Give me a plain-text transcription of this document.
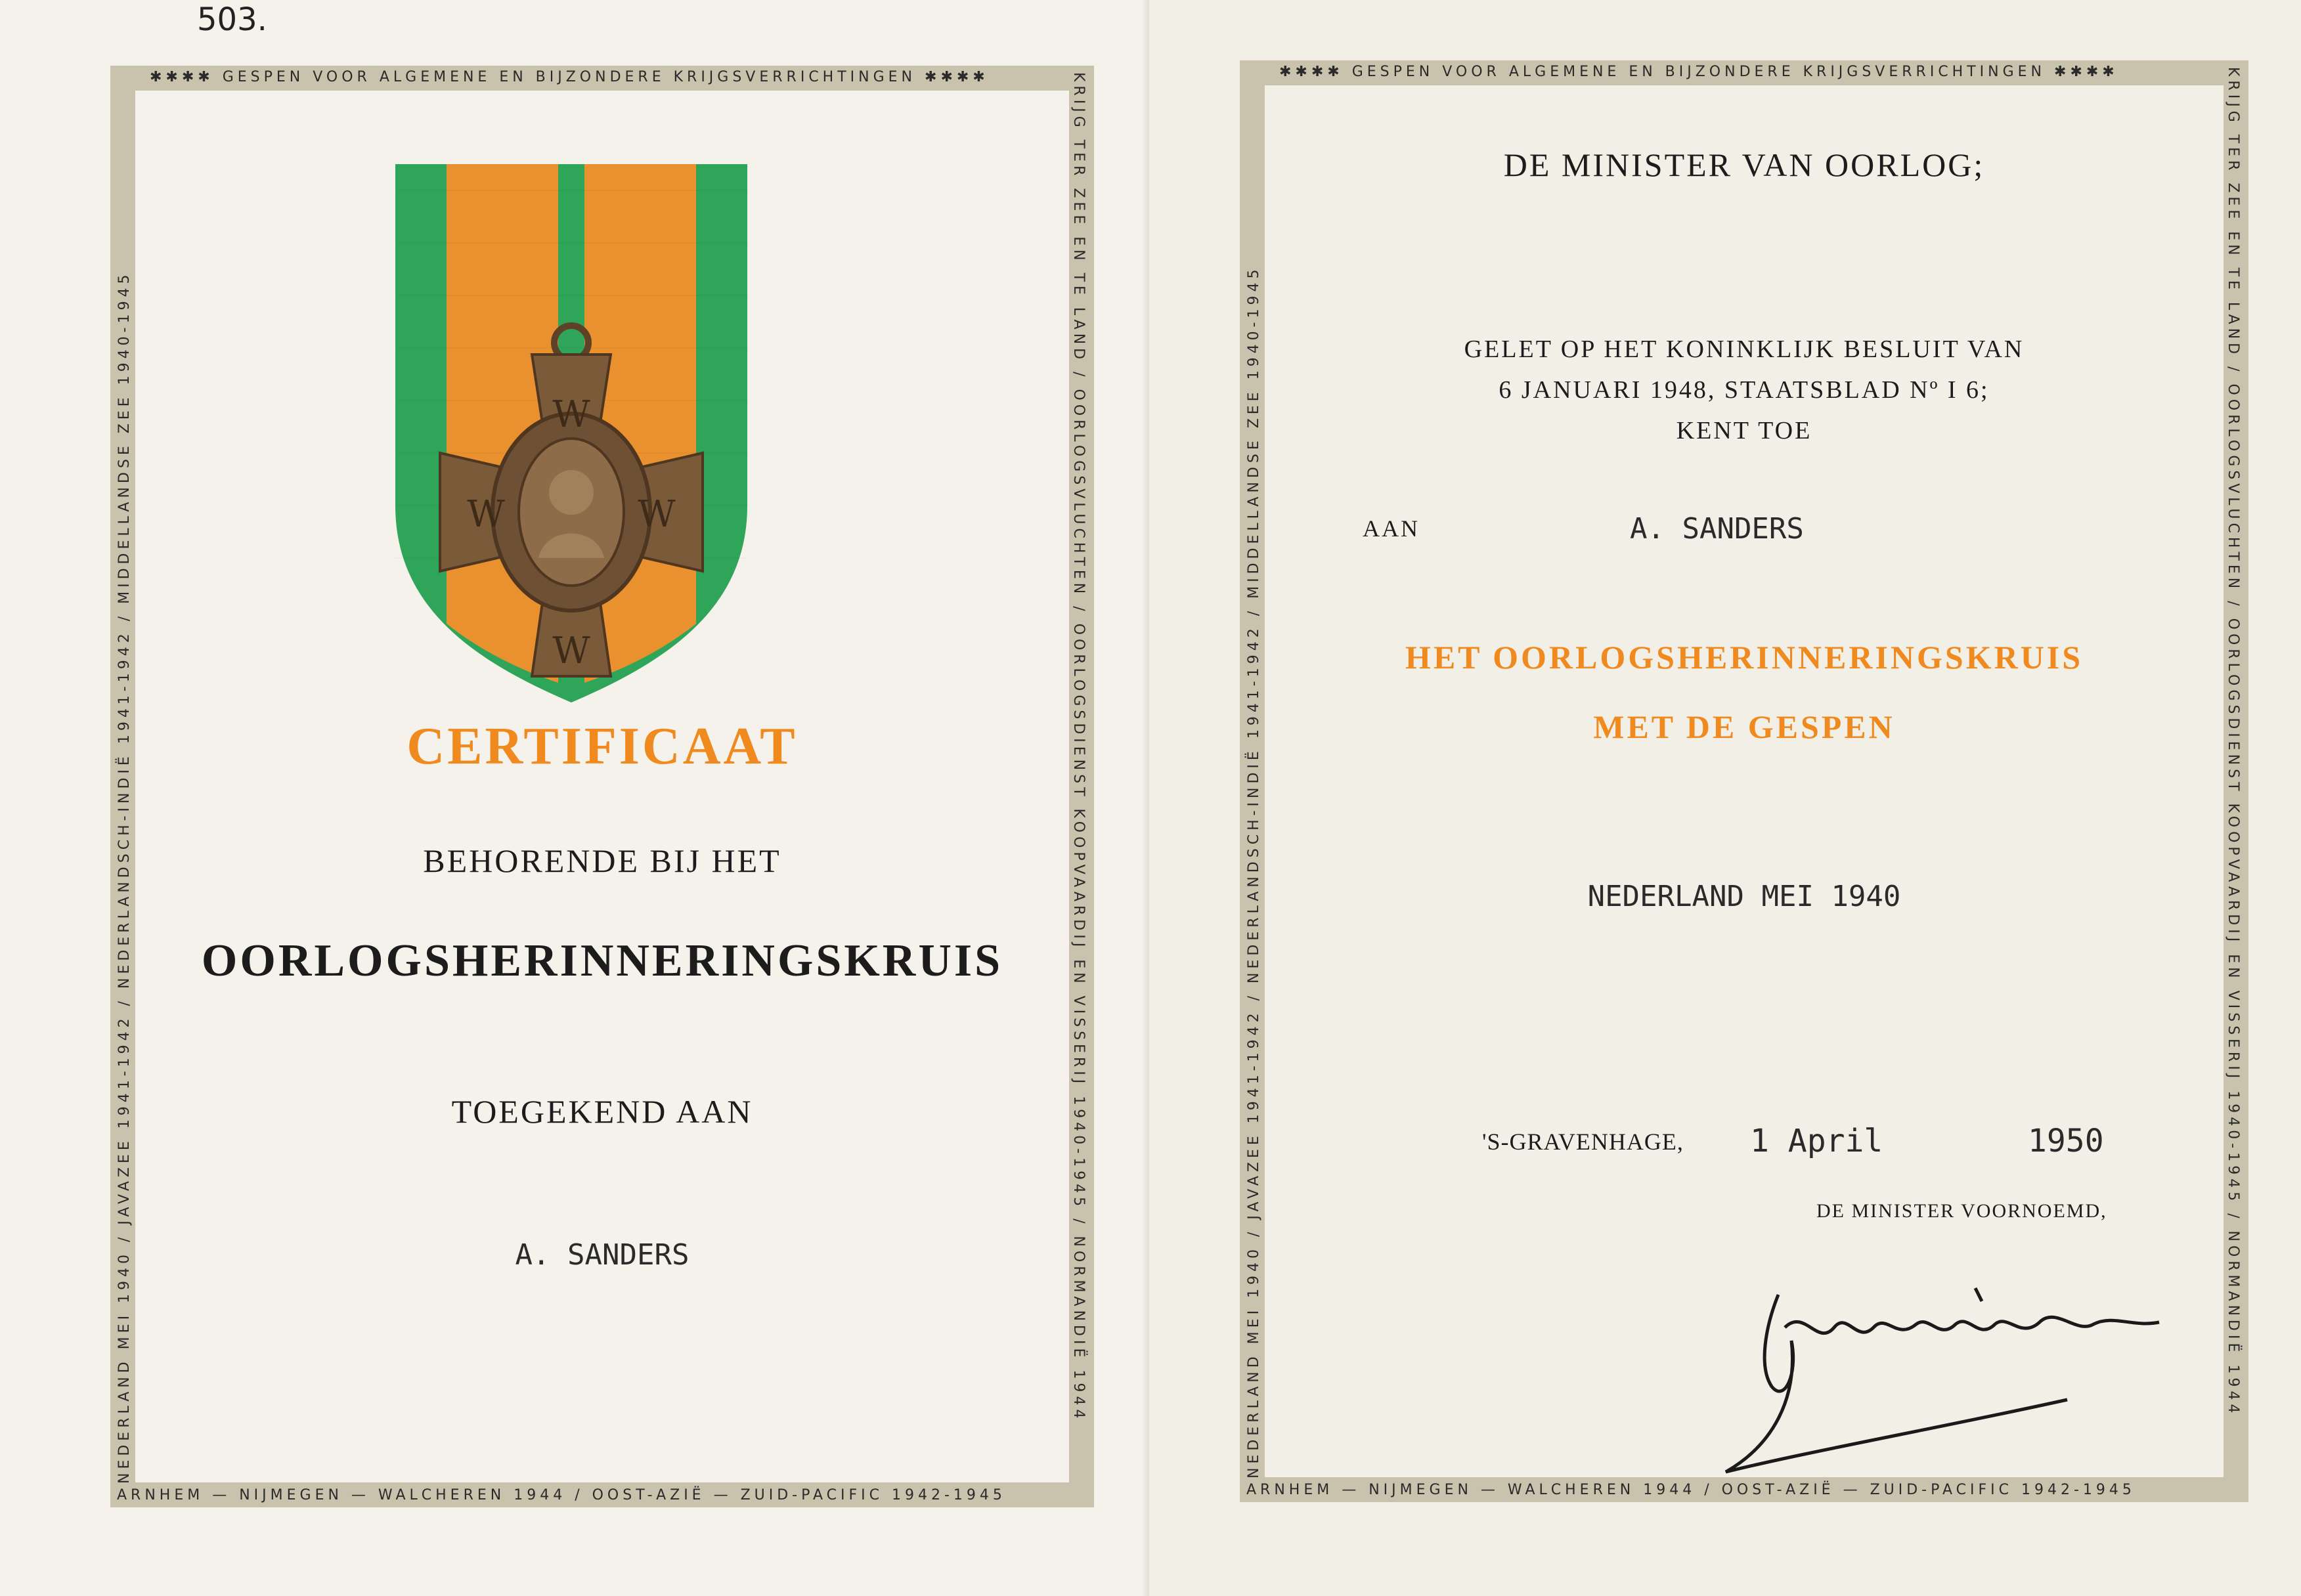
503.
✱✱✱✱ GESPEN VOOR ALGEMENE EN BIJZONDERE KRIJGSVERRICHTINGEN ✱✱✱✱	KRIJG TER ZEE EN TE LAND / OORLOGSVLUCHTEN / OORLOGSDIENST KOOPVAARDIJ EN VISSERIJ 1940-1945 / NORMANDIË 1944
ARNHEM — NIJMEGEN — WALCHEREN 1944 / OOST-AZIË — ZUID-PACIFIC 1942-1945
NEDERLAND MEI 1940 / JAVAZEE 1941-1942 / NEDERLANDSCH-INDIË 1941-1942 / MIDDELLANDSE ZEE 1940-1945	W
W
W	W
CERTIFICAAT
BEHORENDE BIJ HET
OORLOGSHERINNERINGSKRUIS
TOEGEKEND AAN
A. SANDERS
✱✱✱✱ GESPEN VOOR ALGEMENE EN BIJZONDERE KRIJGSVERRICHTINGEN ✱✱✱✱	KRIJG TER ZEE EN TE LAND / OORLOGSVLUCHTEN / OORLOGSDIENST KOOPVAARDIJ EN VISSERIJ 1940-1945 / NORMANDIË 1944
ARNHEM — NIJMEGEN — WALCHEREN 1944 / OOST-AZIË — ZUID-PACIFIC 1942-1945
NEDERLAND MEI 1940 / JAVAZEE 1941-1942 / NEDERLANDSCH-INDIË 1941-1942 / MIDDELLANDSE ZEE 1940-1945
DE MINISTER VAN OORLOG;
GELET OP HET KONINKLIJK BESLUIT VAN
6 JANUARI 1948, STAATSBLAD Nº I 6;
KENT TOE
AAN	A. SANDERS
HET OORLOGSHERINNERINGSKRUIS
MET DE GESPEN
NEDERLAND MEI 1940
'S-GRAVENHAGE, 1 April	1950
DE MINISTER VOORNOEMD,
